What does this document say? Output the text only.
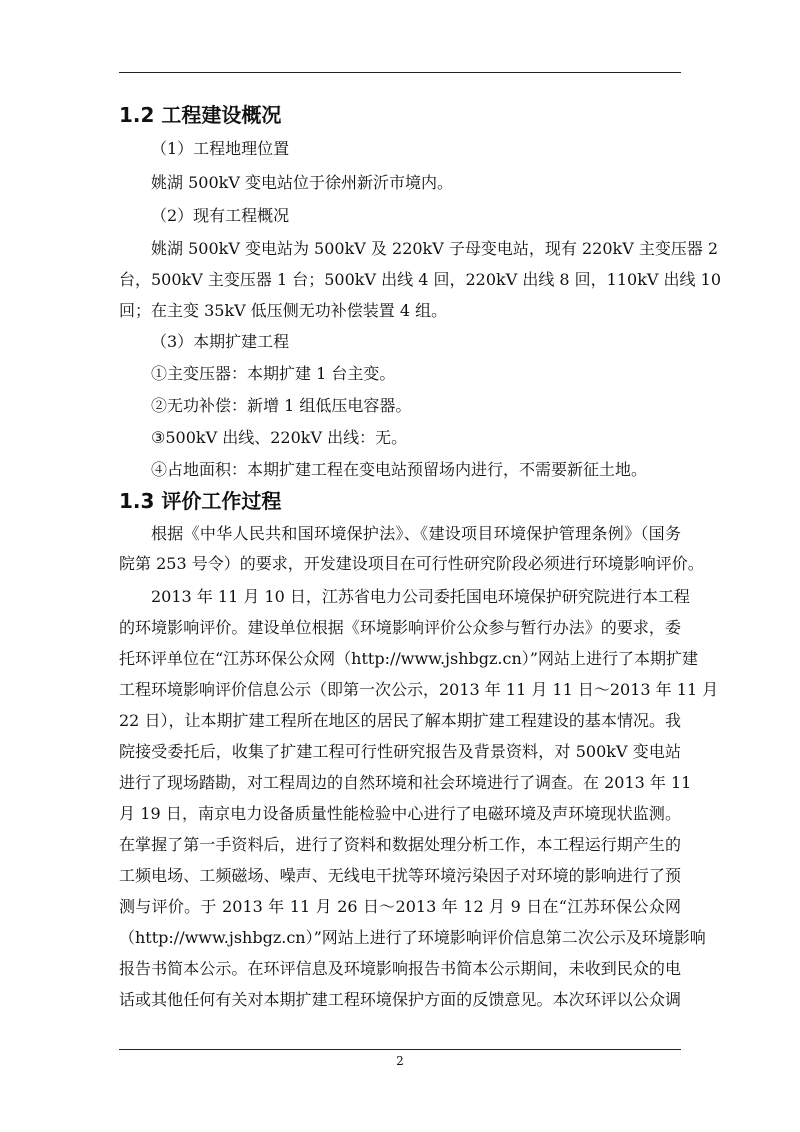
1.2 工程建设概况
（1）工程地理位置
姚湖 500kV 变电站位于徐州新沂市境内。
（2）现有工程概况
姚湖 500kV 变电站为 500kV 及 220kV 子母变电站，现有 220kV 主变压器 2
台，500kV 主变压器 1 台；500kV 出线 4 回，220kV 出线 8 回，110kV 出线 10
回；在主变 35kV 低压侧无功补偿装置 4 组。
（3）本期扩建工程
①主变压器：本期扩建 1 台主变。
②无功补偿：新增 1 组低压电容器。
③500kV 出线、220kV 出线：无。
④占地面积：本期扩建工程在变电站预留场内进行，不需要新征土地。
1.3 评价工作过程
根据《中华人民共和国环境保护法》、《建设项目环境保护管理条例》（国务
院第 253 号令）的要求，开发建设项目在可行性研究阶段必须进行环境影响评价。
2013 年 11 月 10 日，江苏省电力公司委托国电环境保护研究院进行本工程
的环境影响评价。建设单位根据《环境影响评价公众参与暂行办法》的要求，委
托环评单位在“江苏环保公众网（http://www.jshbgz.cn）”网站上进行了本期扩建
工程环境影响评价信息公示（即第一次公示，2013 年 11 月 11 日～2013 年 11 月
22 日），让本期扩建工程所在地区的居民了解本期扩建工程建设的基本情况。我
院接受委托后，收集了扩建工程可行性研究报告及背景资料，对 500kV 变电站
进行了现场踏勘，对工程周边的自然环境和社会环境进行了调查。在 2013 年 11
月 19 日，南京电力设备质量性能检验中心进行了电磁环境及声环境现状监测。
在掌握了第一手资料后，进行了资料和数据处理分析工作，本工程运行期产生的
工频电场、工频磁场、噪声、无线电干扰等环境污染因子对环境的影响进行了预
测与评价。于 2013 年 11 月 26 日～2013 年 12 月 9 日在“江苏环保公众网
（http://www.jshbgz.cn）”网站上进行了环境影响评价信息第二次公示及环境影响
报告书简本公示。在环评信息及环境影响报告书简本公示期间，未收到民众的电
话或其他任何有关对本期扩建工程环境保护方面的反馈意见。本次环评以公众调
2
